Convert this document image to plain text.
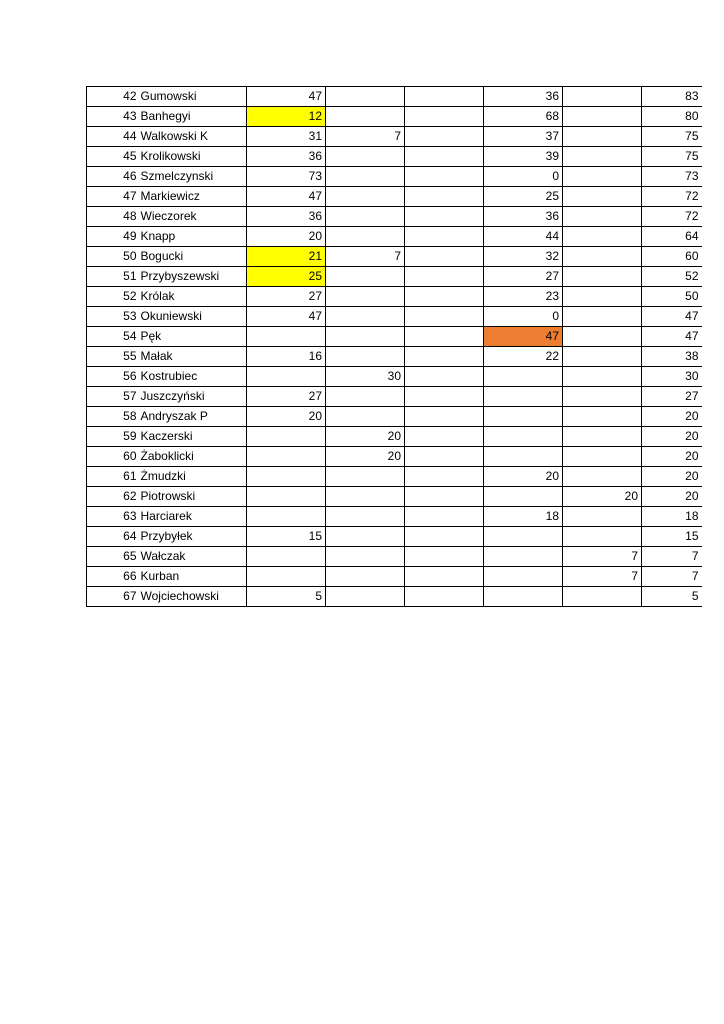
42	Gumowski	47			36		83
43	Banhegyi	12			68		80
44	Walkowski K	31	7		37		75
45	Krolikowski	36			39		75
46	Szmelczynski	73			0		73
47	Markiewicz	47			25		72
48	Wieczorek	36			36		72
49	Knapp	20			44		64
50	Bogucki	21	7		32		60
51	Przybyszewski	25			27		52
52	Królak	27			23		50
53	Okuniewski	47			0		47
54	Pęk				47		47
55	Małak	16			22		38
56	Kostrubiec		30				30
57	Juszczyński	27					27
58	Andryszak P	20					20
59	Kaczerski		20				20
60	Żaboklicki		20				20
61	Żmudzki				20		20
62	Piotrowski					20	20
63	Harciarek				18		18
64	Przybyłek	15					15
65	Wałczak					7	7
66	Kurban					7	7
67	Wojciechowski	5					5
